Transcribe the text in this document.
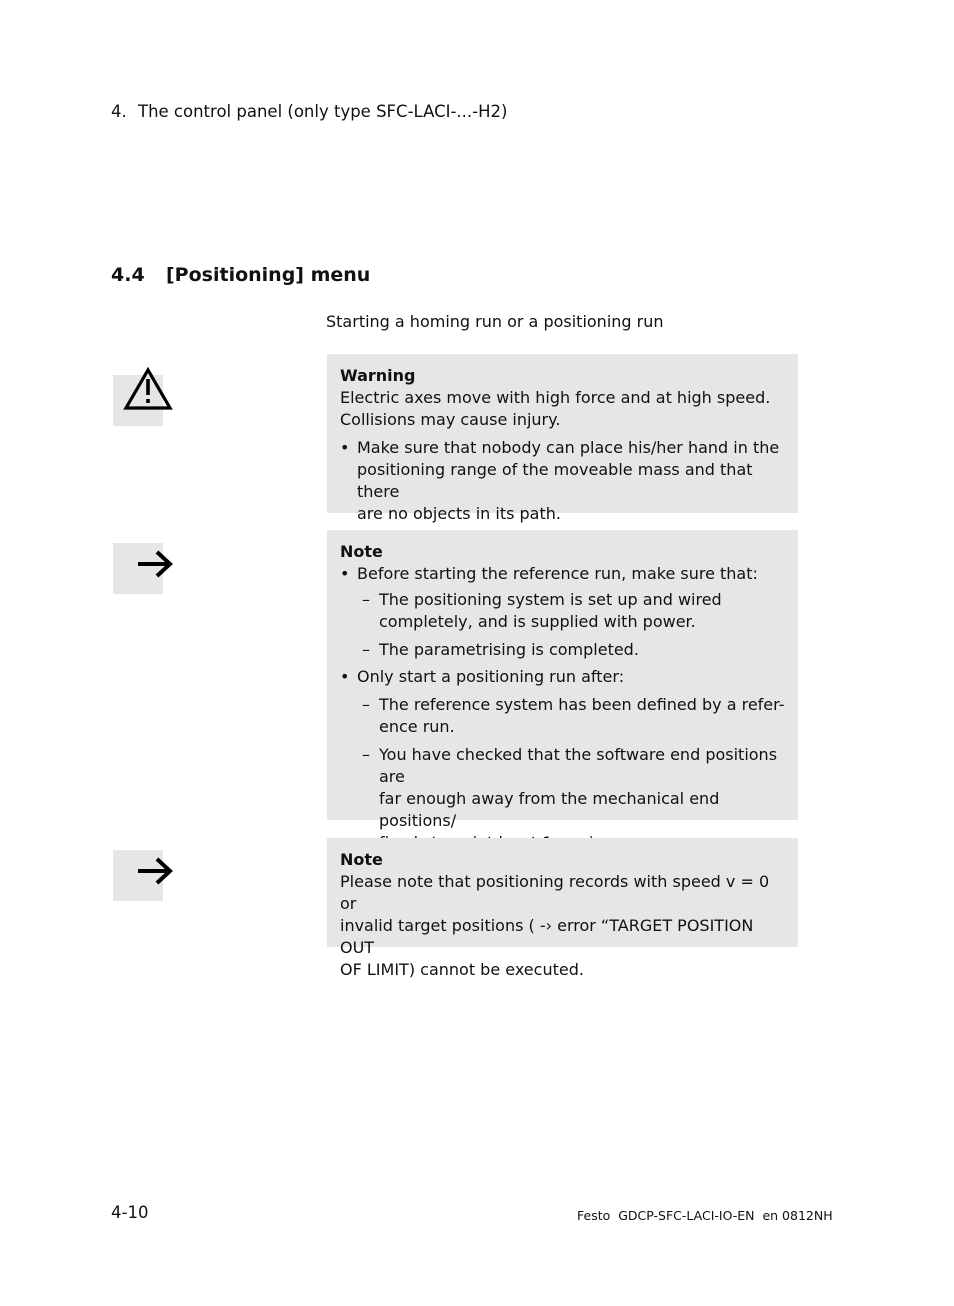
4. The control panel (only type SFC-LACI-...-H2)
4.4 [Positioning] menu
Starting a homing run or a positioning run

Warning

Electric axes move with high force and at high speed.

Collisions may cause injury.

• Make sure that nobody can place his/her hand in the

positioning range of the moveable mass and that there

are no objects in its path.

Note

• Before starting the reference run, make sure that:

– The positioning system is set up and wired

completely, and is supplied with power.

– The parametrising is completed.

• Only start a positioning run after:

– The reference system has been defined by a refer-

ence run.

– You have checked that the software end positions are

far enough away from the mechanical end positions/

Note

Please note that positioning records with speed v = 0 or

invalid target positions ( -› error “TARGET POSITION OUT

OF LIMIT) cannot be executed.

4-10	Festo  GDCP-SFC-LACI-IO-EN  en 0812NH
